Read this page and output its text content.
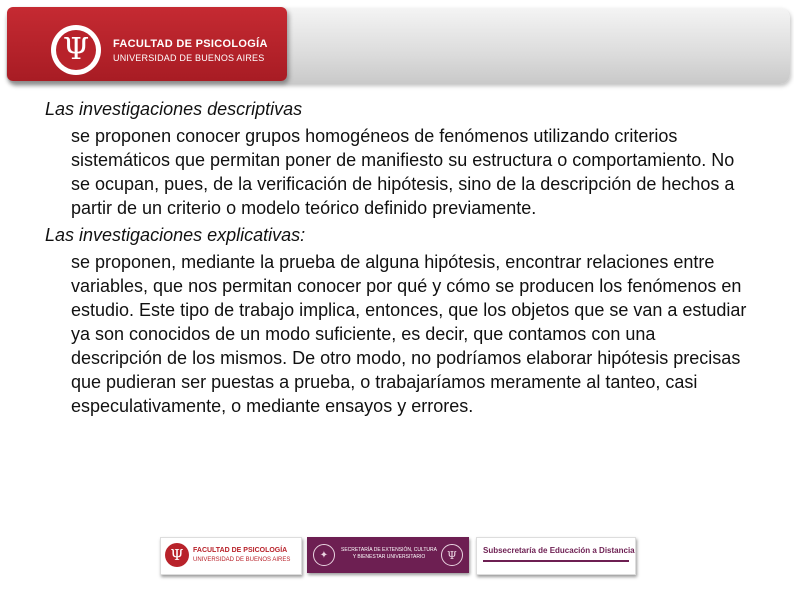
Ψ	FACULTAD DE PSICOLOGÍA
UNIVERSIDAD DE BUENOS AIRES

Las investigaciones descriptivas

se proponen conocer grupos homogéneos de fenómenos utilizando criterios sistemáticos que permitan poner de manifiesto su estructura o comportamiento. No se ocupan, pues, de la verificación de hipótesis, sino de la descripción de hechos a partir de un criterio o modelo teórico definido previamente.

Las investigaciones explicativas:

se proponen, mediante la prueba de alguna hipótesis, encontrar relaciones entre variables, que nos permitan conocer por qué y cómo se producen los fenómenos en estudio. Este tipo de trabajo implica, entonces, que los objetos que se van a estudiar ya son conocidos de un modo suficiente, es decir, que contamos con una descripción de los mismos. De otro modo, no podríamos elaborar hipótesis precisas que pudieran ser puestas a prueba, o trabajaríamos meramente al tanteo, casi especulativamente, o mediante ensayos y errores.

Ψ	FACULTAD DE PSICOLOGÍA
UNIVERSIDAD DE BUENOS AIRES	✦	SECRETARÍA DE EXTENSIÓN, CULTURA Y BIENESTAR UNIVERSITARIO	Ψ	Subsecretaría de Educación a Distancia
